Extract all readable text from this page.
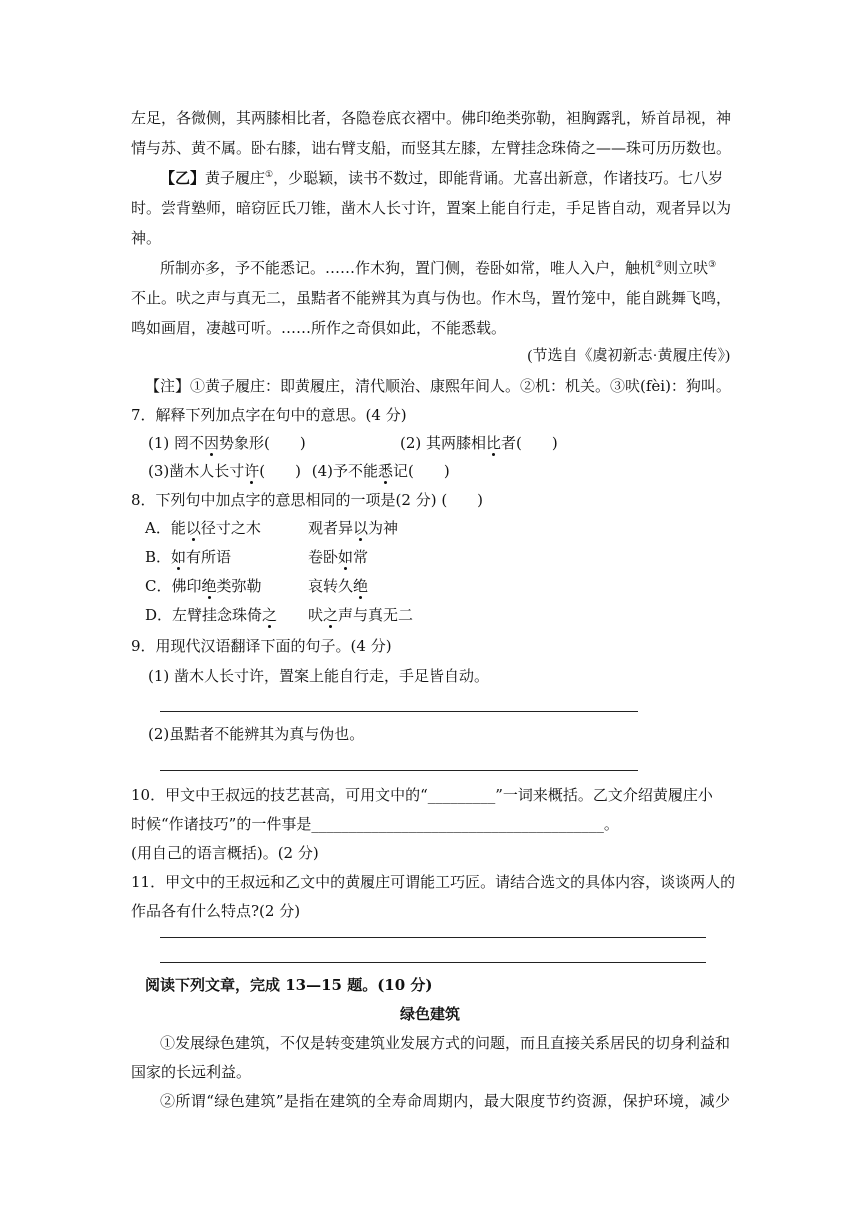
左足，各微侧，其两膝相比者，各隐卷底衣褶中。佛印绝类弥勒，袒胸露乳，矫首昂视，神
情与苏、黄不属。卧右膝，诎右臂支船，而竖其左膝，左臂挂念珠倚之——珠可历历数也。
【乙】黄子履庄①，少聪颖，读书不数过，即能背诵。尤喜出新意，作诸技巧。七八岁
时。尝背塾师，暗窃匠氏刀锥，凿木人长寸许，置案上能自行走，手足皆自动，观者异以为
神。
所制亦多，予不能悉记。……作木狗，置门侧，卷卧如常，唯人入户，触机②则立吠③
不止。吠之声与真无二，虽黠者不能辨其为真与伪也。作木鸟，置竹笼中，能自跳舞飞鸣，
鸣如画眉，凄越可听。……所作之奇俱如此，不能悉载。
(节选自《虞初新志·黄履庄传》)
【注】①黄子履庄：即黄履庄，清代顺治、康熙年间人。②机：机关。③吠(fèi)：狗叫。
7．解释下列加点字在句中的意思。(4 分)
(1) 罔不因势象形(　　)	(2) 其两膝相比者(　　)
(3)凿木人长寸许(　　) (4)予不能悉记(　　)
8．下列句中加点字的意思相同的一项是(2 分) (　　)
A．能以径寸之木	观者异以为神
B．如有所语	卷卧如常
C．佛印绝类弥勒	哀转久绝
D．左臂挂念珠倚之 吠之声与真无二
9．用现代汉语翻译下面的句子。(4 分)
(1) 凿木人长寸许，置案上能自行走，手足皆自动。
(2)虽黠者不能辨其为真与伪也。
10．甲文中王叔远的技艺甚高，可用文中的“_________”一词来概括。乙文介绍黄履庄小
时候“作诸技巧”的一件事是_______________________________________。
(用自己的语言概括)。(2 分)
11．甲文中的王叔远和乙文中的黄履庄可谓能工巧匠。请结合选文的具体内容，谈谈两人的
作品各有什么特点?(2 分)
阅读下列文章，完成 13—15 题。(10 分)
绿色建筑
①发展绿色建筑，不仅是转变建筑业发展方式的问题，而且直接关系居民的切身利益和
国家的长远利益。
②所谓“绿色建筑”是指在建筑的全寿命周期内，最大限度节约资源，保护环境，减少
